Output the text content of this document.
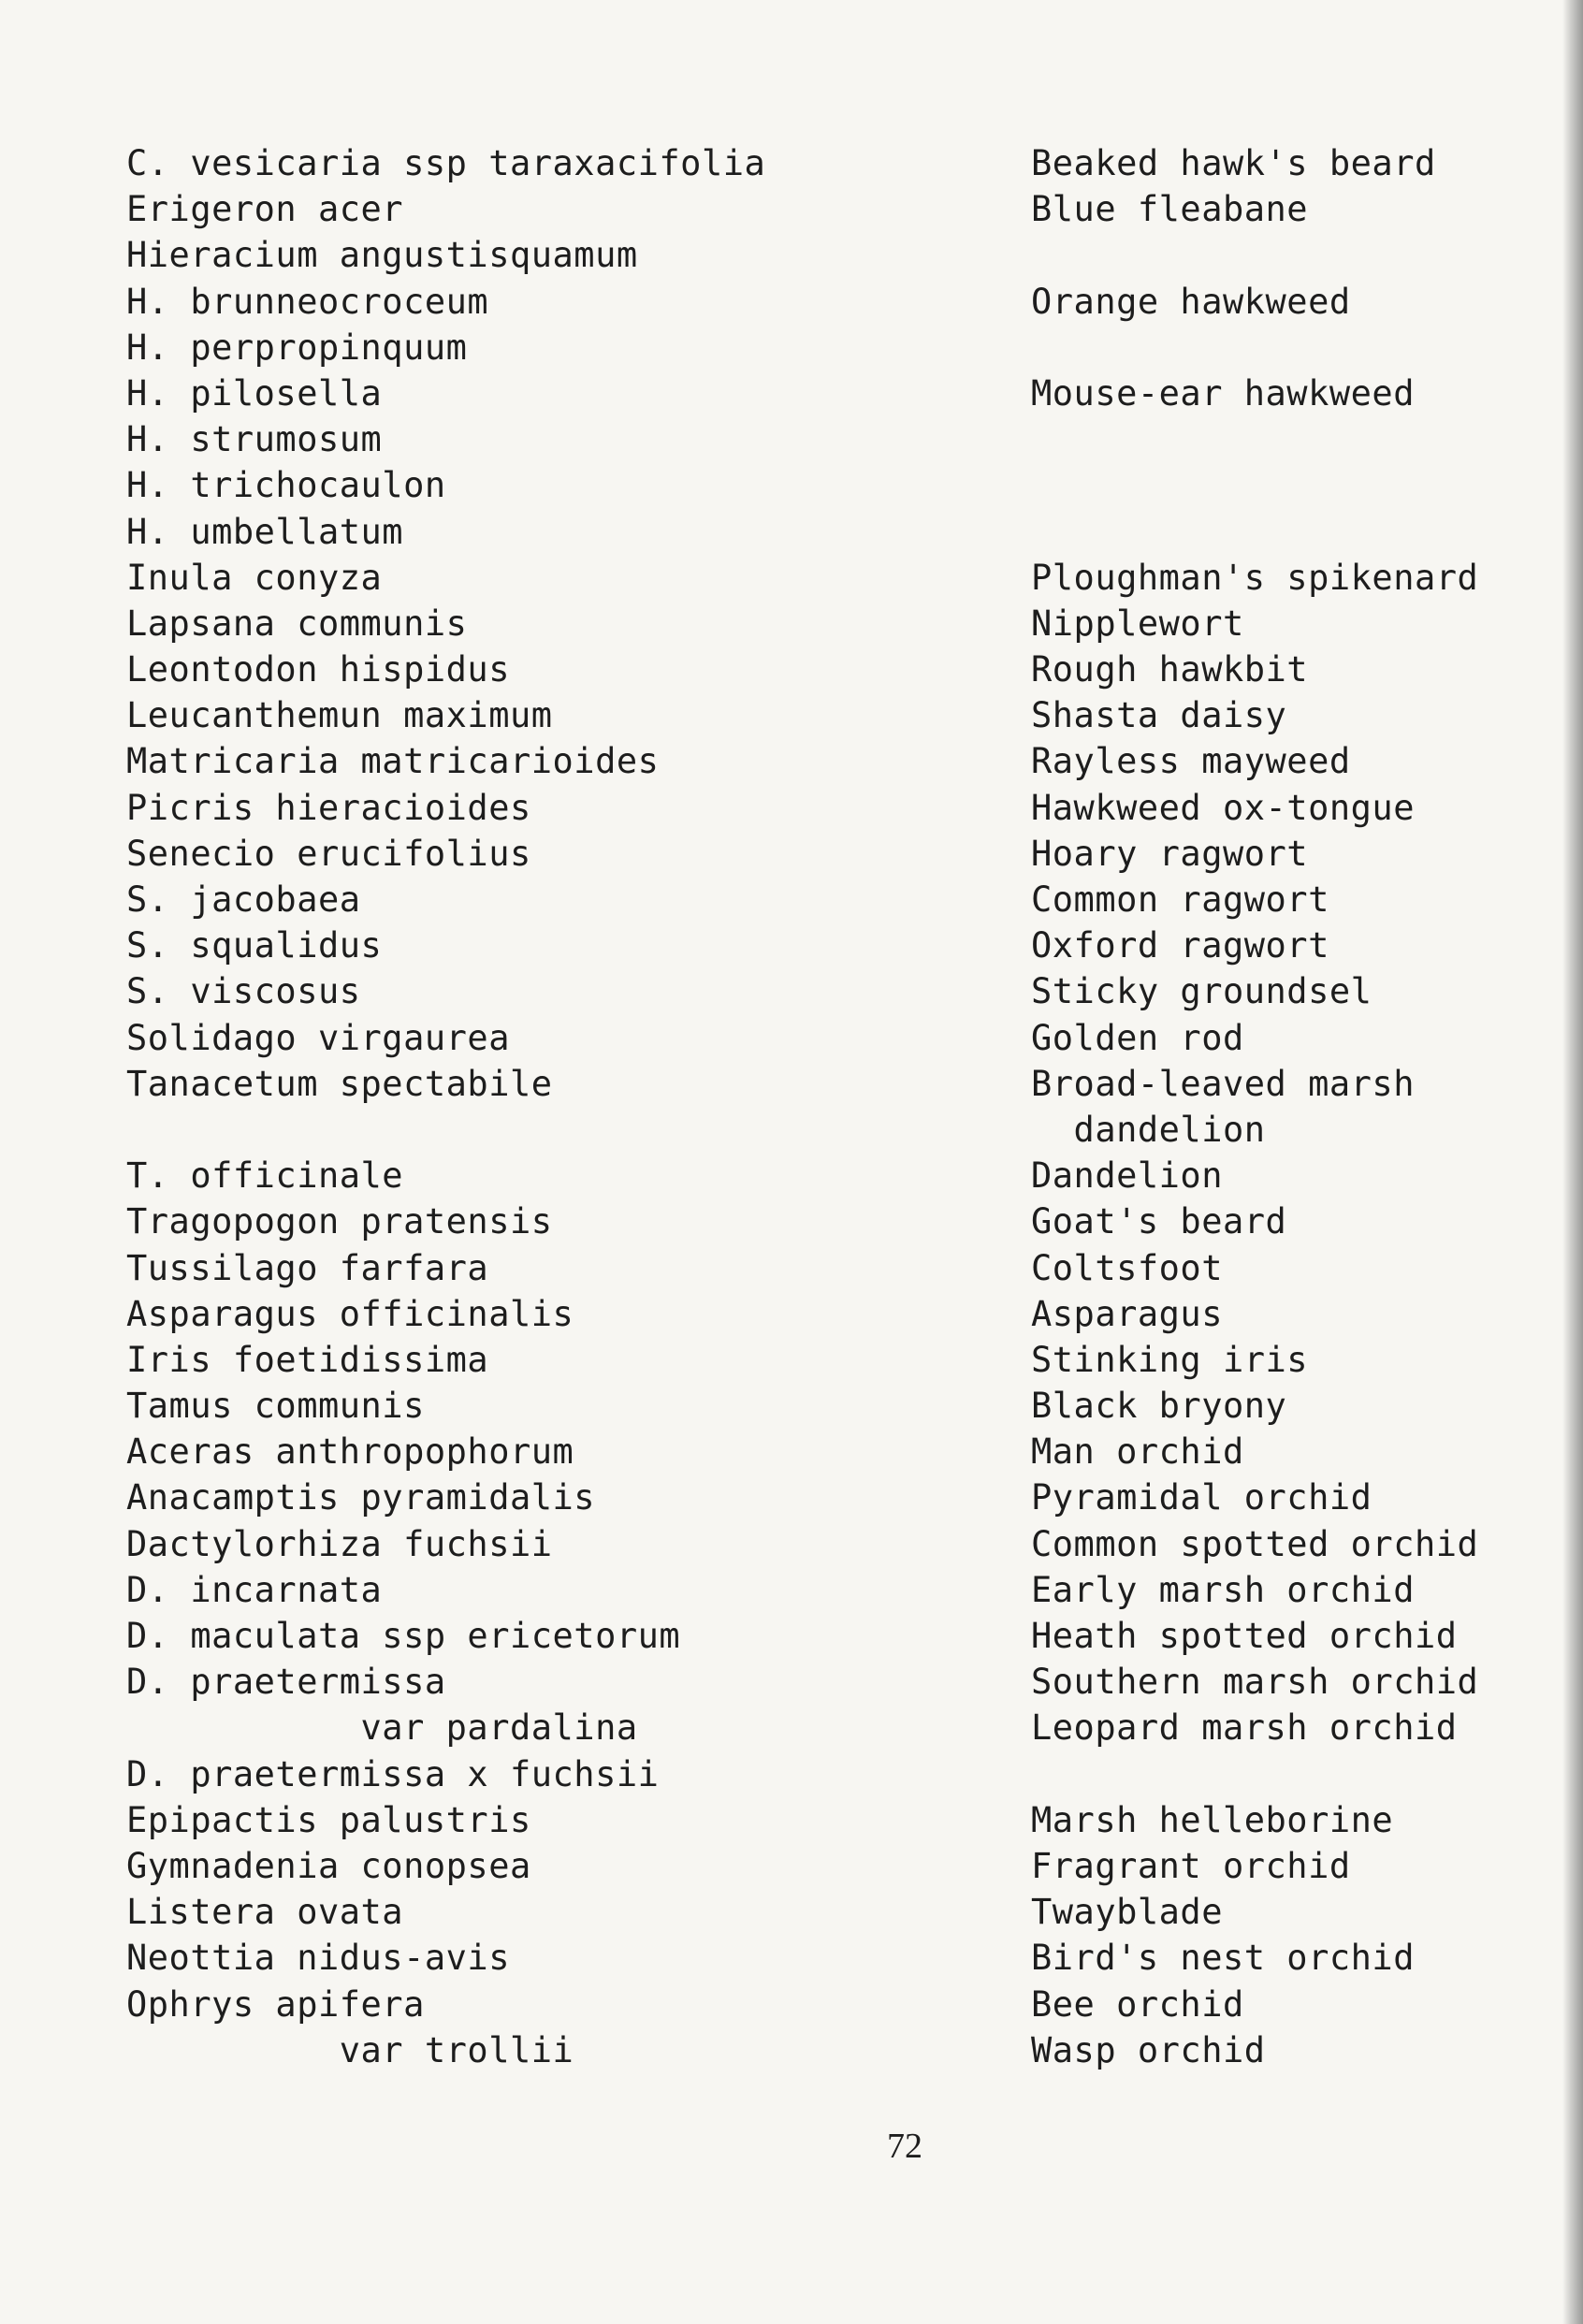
C. vesicaria ssp taraxacifolia
Erigeron acer
Hieracium angustisquamum
H. brunneocroceum
H. perpropinquum
H. pilosella
H. strumosum
H. trichocaulon
H. umbellatum
Inula conyza
Lapsana communis
Leontodon hispidus
Leucanthemun maximum
Matricaria matricarioides
Picris hieracioides
Senecio erucifolius
S. jacobaea
S. squalidus
S. viscosus
Solidago virgaurea
Tanacetum spectabile
T. officinale
Tragopogon pratensis
Tussilago farfara
Asparagus officinalis
Iris foetidissima
Tamus communis
Aceras anthropophorum
Anacamptis pyramidalis
Dactylorhiza fuchsii
D. incarnata
D. maculata ssp ericetorum
D. praetermissa
var pardalina
D. praetermissa x fuchsii
Epipactis palustris
Gymnadenia conopsea
Listera ovata
Neottia nidus-avis
Ophrys apifera
var trollii
Beaked hawk's beard
Blue fleabane
Orange hawkweed
Mouse-ear hawkweed
Ploughman's spikenard
Nipplewort
Rough hawkbit
Shasta daisy
Rayless mayweed
Hawkweed ox-tongue
Hoary ragwort
Common ragwort
Oxford ragwort
Sticky groundsel
Golden rod
Broad-leaved marsh
dandelion
Dandelion
Goat's beard
Coltsfoot
Asparagus
Stinking iris
Black bryony
Man orchid
Pyramidal orchid
Common spotted orchid
Early marsh orchid
Heath spotted orchid
Southern marsh orchid
Leopard marsh orchid
Marsh helleborine
Fragrant orchid
Twayblade
Bird's nest orchid
Bee orchid
Wasp orchid
72
